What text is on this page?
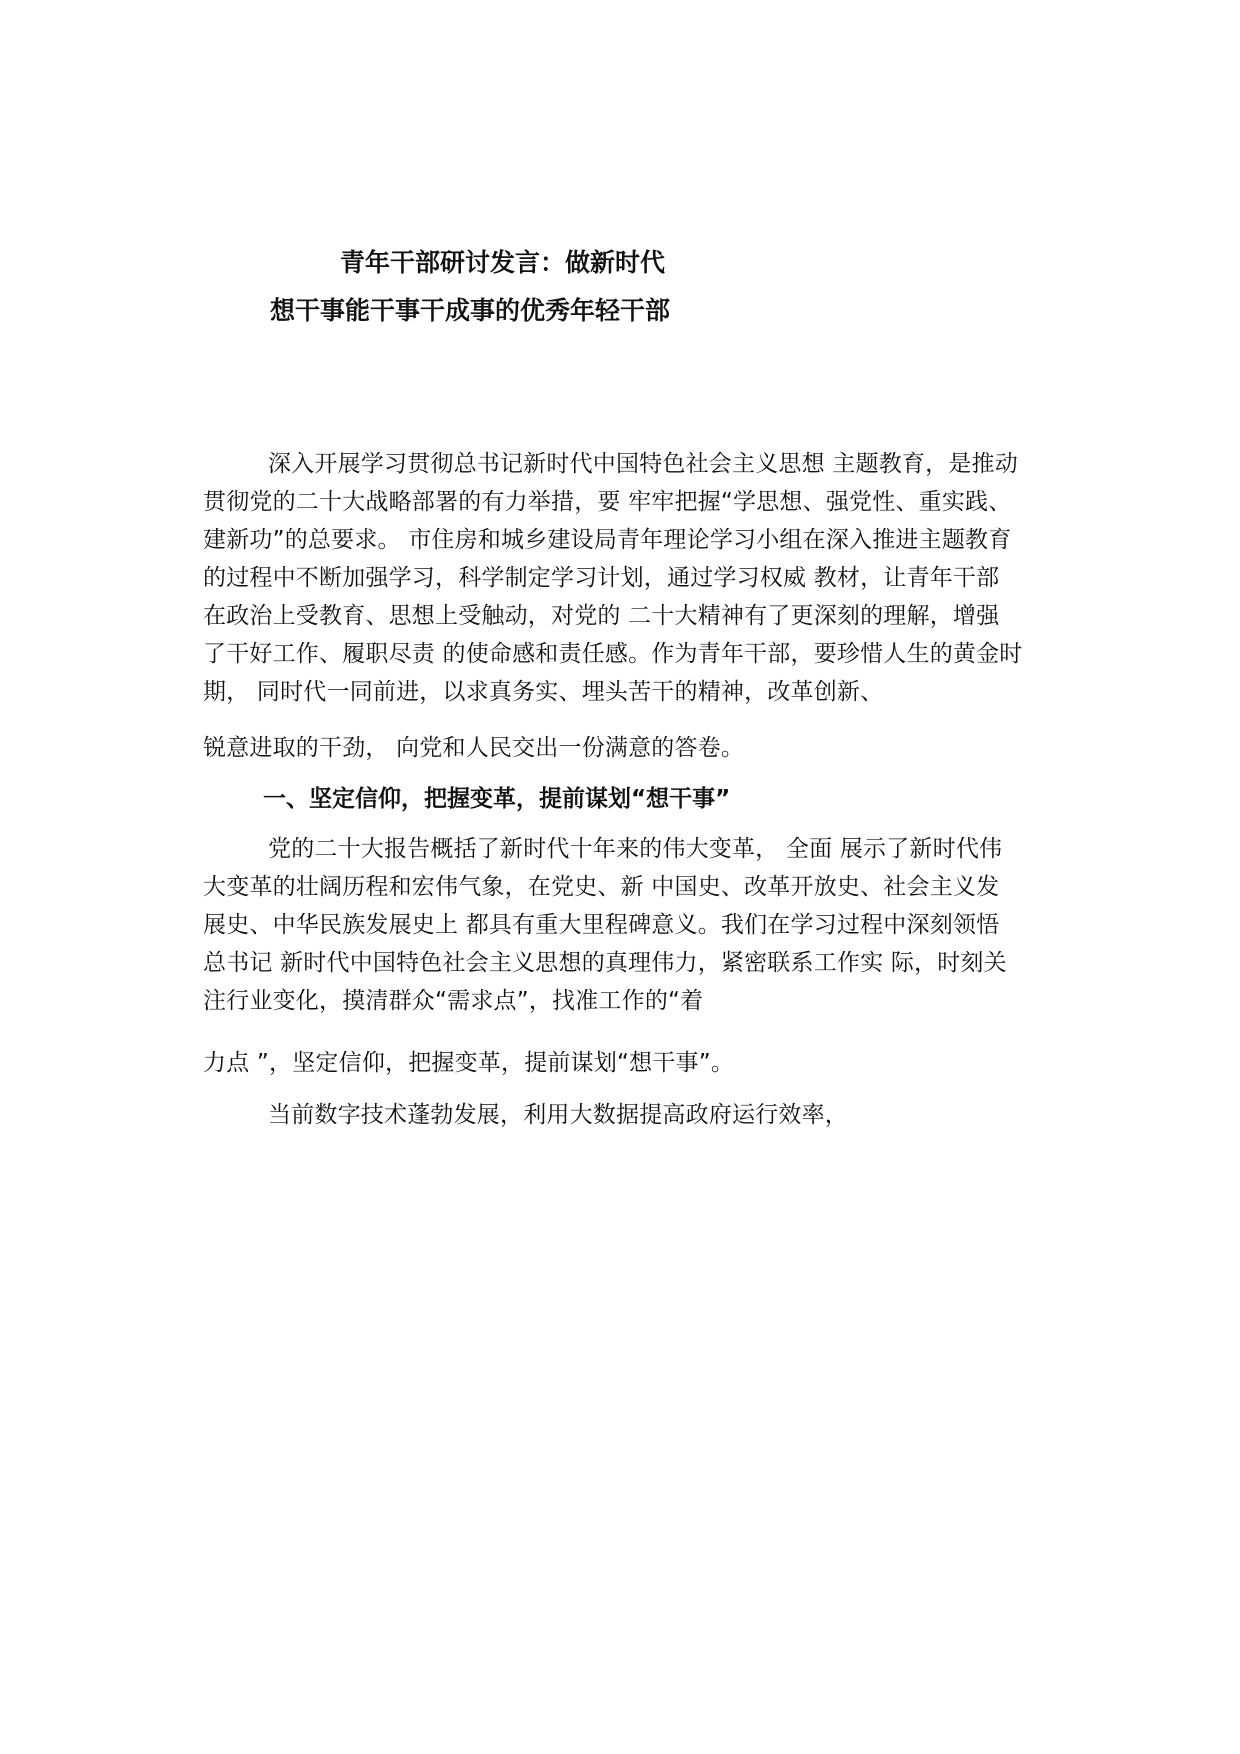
青年干部研讨发言：做新时代
想干事能干事干成事的优秀年轻干部
深入开展学习贯彻总书记新时代中国特色社会主义思想 主题教育，是推动
贯彻党的二十大战略部署的有力举措，要 牢牢把握“学思想、强党性、重实践、
建新功”的总要求。 市住房和城乡建设局青年理论学习小组在深入推进主题教育
的过程中不断加强学习，科学制定学习计划，通过学习权威 教材，让青年干部
在政治上受教育、思想上受触动，对党的 二十大精神有了更深刻的理解，增强
了干好工作、履职尽责 的使命感和责任感。作为青年干部，要珍惜人生的黄金时
期， 同时代一同前进，以求真务实、埋头苦干的精神，改革创新、
锐意进取的干劲， 向党和人民交出一份满意的答卷。
一、坚定信仰，把握变革，提前谋划“想干事”
党的二十大报告概括了新时代十年来的伟大变革， 全面 展示了新时代伟
大变革的壮阔历程和宏伟气象，在党史、新 中国史、改革开放史、社会主义发
展史、中华民族发展史上 都具有重大里程碑意义。我们在学习过程中深刻领悟
总书记 新时代中国特色社会主义思想的真理伟力，紧密联系工作实 际，时刻关
注行业变化，摸清群众“需求点”，找准工作的“着
力点 ”，坚定信仰，把握变革，提前谋划“想干事”。
当前数字技术蓬勃发展，利用大数据提高政府运行效率，
